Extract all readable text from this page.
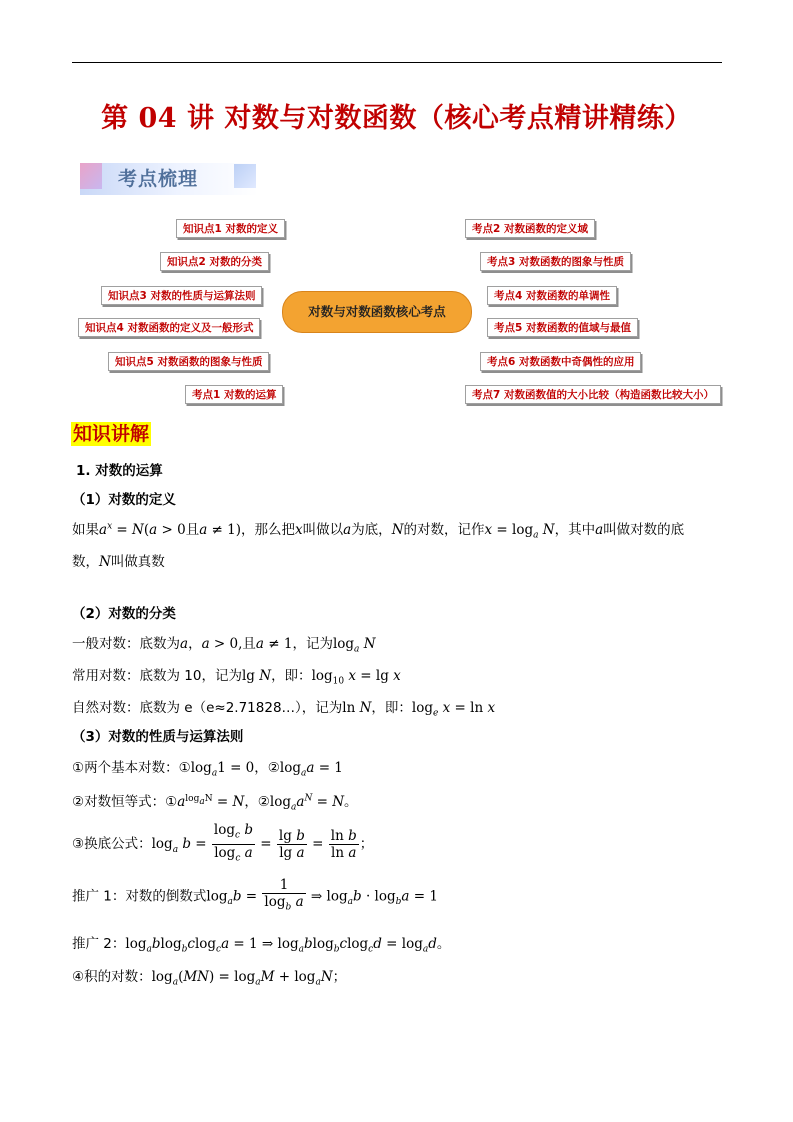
第 04 讲 对数与对数函数（核心考点精讲精练）
考点梳理
知识点1 对数的定义
知识点2 对数的分类
知识点3 对数的性质与运算法则
知识点4 对数函数的定义及一般形式
知识点5 对数函数的图象与性质
考点1 对数的运算
考点2 对数函数的定义域
考点3 对数函数的图象与性质
考点4 对数函数的单调性
考点5 对数函数的值域与最值
考点6 对数函数中奇偶性的应用
考点7 对数函数值的大小比较（构造函数比较大小）
对数与对数函数核心考点
知识讲解
1. 对数的运算
（1）对数的定义
如果$a^x = N(a > 0$且a ≠ 1)，那么把x叫做以a为底，N的对数，记作$x = \log_a N$，其中a叫做对数的底
数，N叫做真数
（2）对数的分类
一般对数：底数为a，a > 0,且a ≠ 1，记为$\log_a N$
常用对数：底数为 10，记为lg N，即：$\log_{10} x = \lg x$
自然对数：底数为 e（e≈2.71828…），记为ln N，即：$\log_e x = \ln x$
（3）对数的性质与运算法则
①两个基本对数：$①\log_a1 = 0$，$②\log_aa = 1$
②对数恒等式：$①a^{log_aN} = N$，$②\log_aa^N = N$。
③换底公式：$\log_a b = \frac{\log_c b}{\log_c a} = \frac{\text{lg b}}{\text{lg a}} = \frac{\text{ln b}}{\text{ln a}}$ ；
推广 1：对数的倒数式$\log_ab = \frac{1}{\log_b a}$ ⇒ $\log_ab \cdot \log_ba = 1$
推广 2：$\log_ablog_bclog_ca = 1$ ⇒ $\log_ablog_bclog_cd = \log_ad$。
④积的对数：$\log_a(MN) = \log_aM + \log_aN$；
